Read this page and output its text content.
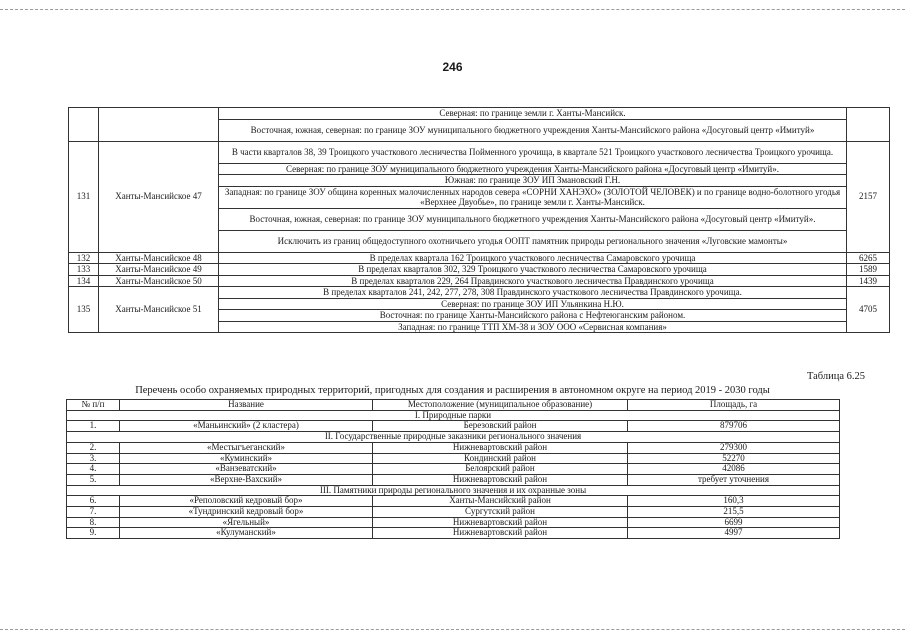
246
		Северная: по границе земли г. Ханты-Мансийск.	
		Восточная, южная, северная: по границе ЗОУ муниципального бюджетного учреждения Ханты-Мансийского района «Досуговый центр «Имитуй»	
131	Ханты-Мансийское 47	В части кварталов 38, 39 Троицкого участкового лесничества Пойменного урочища, в квартале 521 Троицкого участкового лесничества Троицкого урочища.	2157
		Северная: по границе ЗОУ муниципального бюджетного учреждения Ханты-Мансийского района «Досуговый центр «Имитуй».	
		Южная: по границе ЗОУ ИП Змановский Г.Н.	
		Западная: по границе ЗОУ община коренных малочисленных народов севера «СОРНИ ХАНЭХО» (ЗОЛОТОЙ ЧЕЛОВЕК) и по границе водно-болотного угодья «Верхнее Двуобье», по границе земли г. Ханты-Мансийск.	
		Восточная, южная, северная: по границе ЗОУ муниципального бюджетного учреждения Ханты-Мансийского района «Досуговый центр «Имитуй».	
		Исключить из границ общедоступного охотничьего угодья ООПТ памятник природы регионального значения «Луговские мамонты»	
132	Ханты-Мансийское 48	В пределах квартала 162 Троицкого участкового лесничества Самаровского урочища	6265
133	Ханты-Мансийское 49	В пределах кварталов 302, 329 Троицкого участкового лесничества Самаровского урочища	1589
134	Ханты-Мансийское 50	В пределах кварталов 229, 264 Правдинского участкового лесничества Правдинского урочища	1439
135	Ханты-Мансийское 51	В пределах кварталов 241, 242, 277, 278, 308 Правдинского участкового лесничества Правдинского урочища.	4705
		Северная: по границе ЗОУ ИП Ульянкина Н.Ю.	
		Восточная: по границе Ханты-Мансийского района с Нефтеюганским районом.	
		Западная: по границе ТТП ХМ-38 и ЗОУ ООО «Сервисная компания»	
Таблица 6.25
Перечень особо охраняемых природных территорий, пригодных для создания и расширения в автономном округе на период 2019 - 2030 годы
№ п/п	Название	Местоположение (муниципальное образование)	Площадь, га
I. Природные парки			
1.	«Маньинский» (2 кластера)	Березовский район	879706
II. Государственные природные заказники регионального значения			
2.	«Местыгъеганский»	Нижневартовский район	279300
3.	«Куминский»	Кондинский район	52270
4.	«Ванзеватский»	Белоярский район	42086
5.	«Верхне-Вахский»	Нижневартовский район	требует уточнения
III. Памятники природы регионального значения и их охранные зоны			
6.	«Реполовский кедровый бор»	Ханты-Мансийский район	160,3
7.	«Тундринский кедровый бор»	Сургутский район	215,5
8.	«Ягельный»	Нижневартовский район	6699
9.	«Кулуманский»	Нижневартовский район	4997
